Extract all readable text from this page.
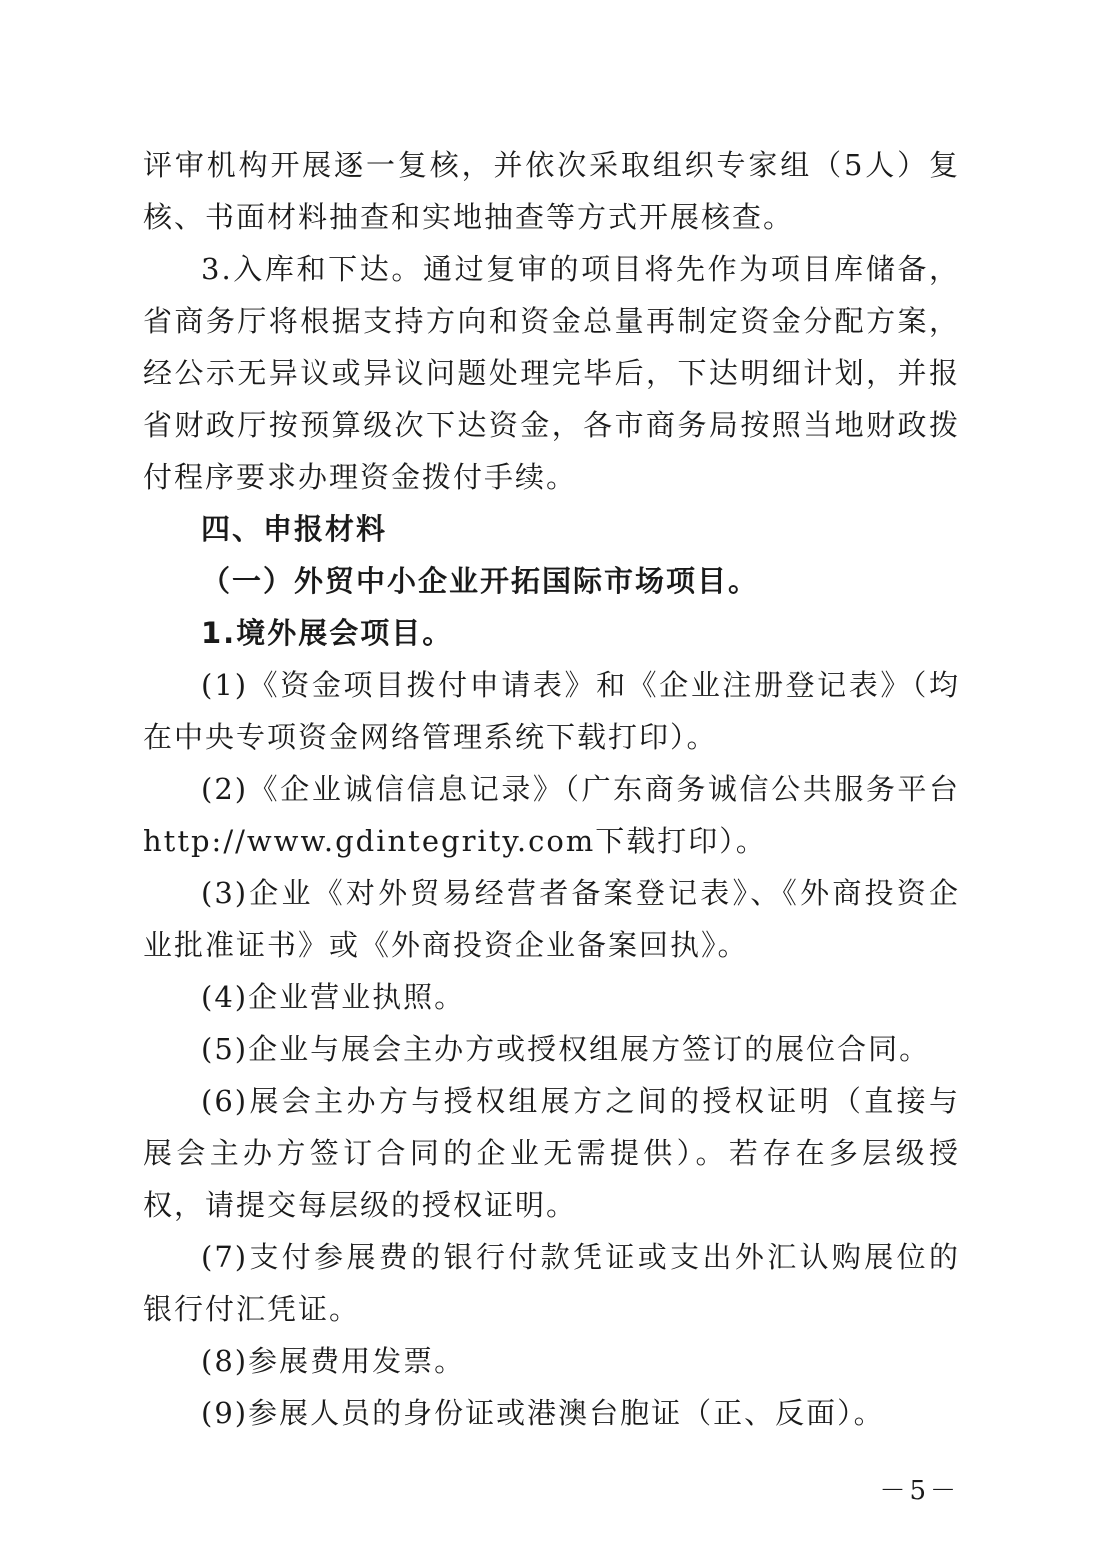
评审机构开展逐一复核，并依次采取组织专家组（5人）复核、书面材料抽查和实地抽查等方式开展核查。

3.入库和下达。通过复审的项目将先作为项目库储备，省商务厅将根据支持方向和资金总量再制定资金分配方案，经公示无异议或异议问题处理完毕后，下达明细计划，并报省财政厅按预算级次下达资金，各市商务局按照当地财政拨付程序要求办理资金拨付手续。

四、申报材料

（一）外贸中小企业开拓国际市场项目。

1.境外展会项目。

(1)《资金项目拨付申请表》和《企业注册登记表》（均在中央专项资金网络管理系统下载打印）。

(2)《企业诚信信息记录》（广东商务诚信公共服务平台http://www.gdintegrity.com下载打印）。

(3)企业《对外贸易经营者备案登记表》、《外商投资企业批准证书》或《外商投资企业备案回执》。

(4)企业营业执照。

(5)企业与展会主办方或授权组展方签订的展位合同。

(6)展会主办方与授权组展方之间的授权证明（直接与展会主办方签订合同的企业无需提供）。若存在多层级授权，请提交每层级的授权证明。

(7)支付参展费的银行付款凭证或支出外汇认购展位的银行付汇凭证。

(8)参展费用发票。

(9)参展人员的身份证或港澳台胞证（正、反面）。

－5－
